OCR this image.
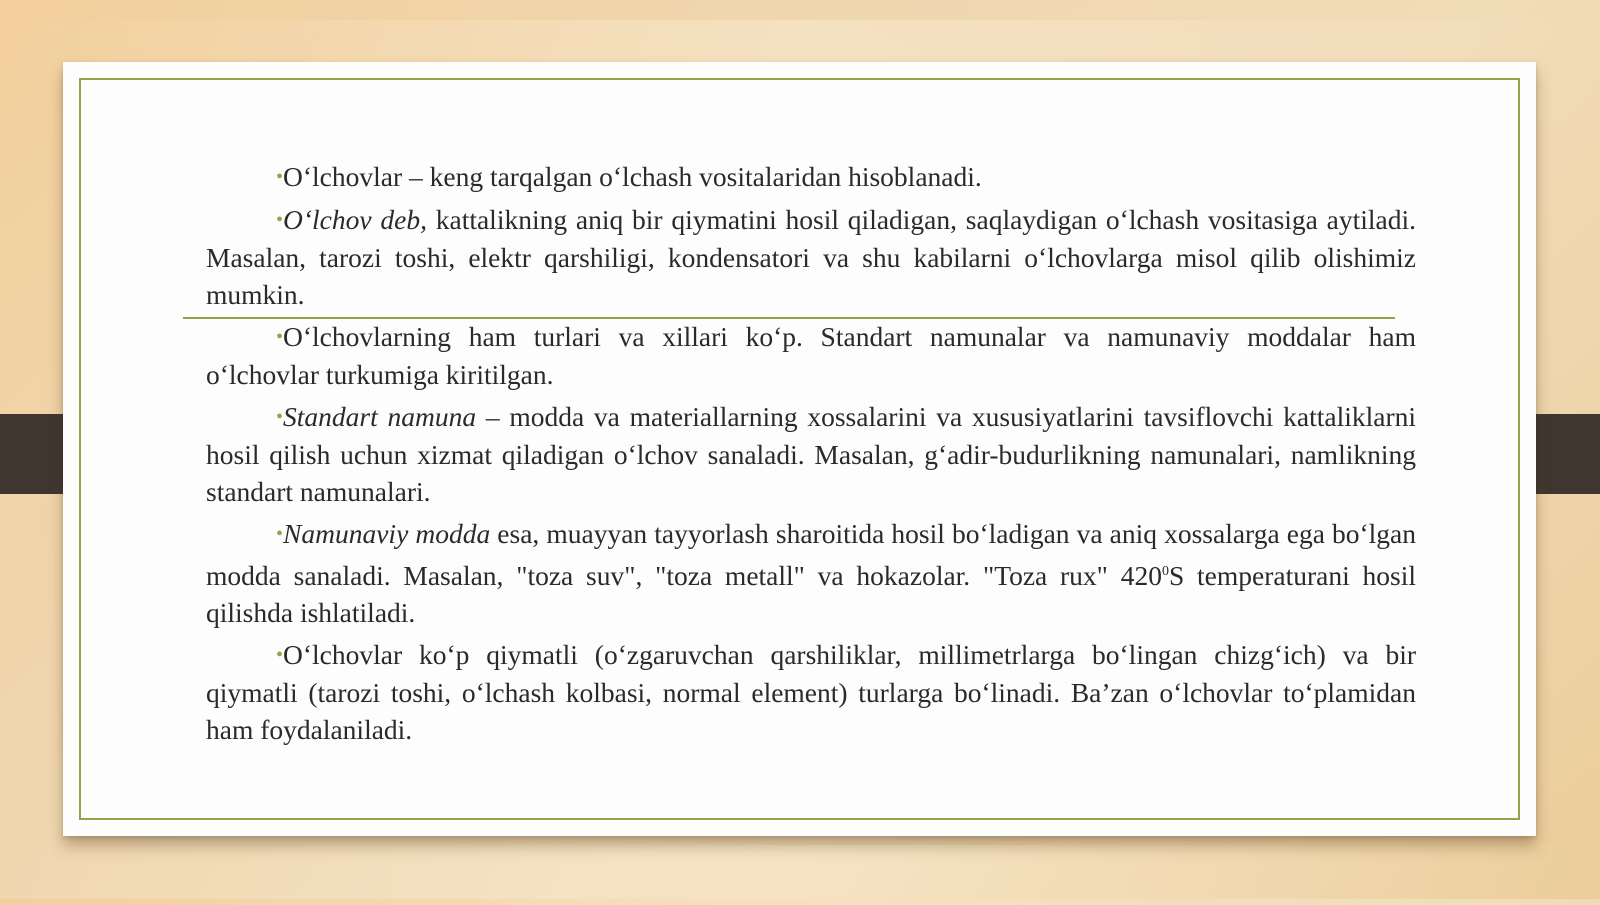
•O‘lchovlar – keng tarqalgan o‘lchash vositalaridan hisoblanadi.

•O‘lchov deb, kattalikning aniq bir qiymatini hosil qiladigan, saqlaydigan o‘lchash vositasiga aytiladi. Masalan, tarozi toshi, elektr qarshiligi, kondensatori va shu kabilarni o‘lchovlarga misol qilib olishimiz mumkin.

•O‘lchovlarning ham turlari va xillari ko‘p. Standart namunalar va namunaviy moddalar ham o‘lchovlar turkumiga kiritilgan.

•Standart namuna – modda va materiallarning xossalarini va xususiyatlarini tavsiflovchi kattaliklarni hosil qilish uchun xizmat qiladigan o‘lchov sanaladi. Masalan, g‘adir-budurlikning namunalari, namlikning standart namunalari.

•Namunaviy modda esa, muayyan tayyorlash sharoitida hosil bo‘ladigan va aniq xossalarga ega bo‘lgan modda sanaladi. Masalan, "toza suv", "toza metall" va hokazolar. "Toza rux" $420^0S$ temperaturani hosil qilishda ishlatiladi.

•O‘lchovlar ko‘p qiymatli (o‘zgaruvchan qarshiliklar, millimetrlarga bo‘lingan chizg‘ich) va bir qiymatli (tarozi toshi, o‘lchash kolbasi, normal element) turlarga bo‘linadi. Ba’zan o‘lchovlar to‘plamidan ham foydalaniladi.
